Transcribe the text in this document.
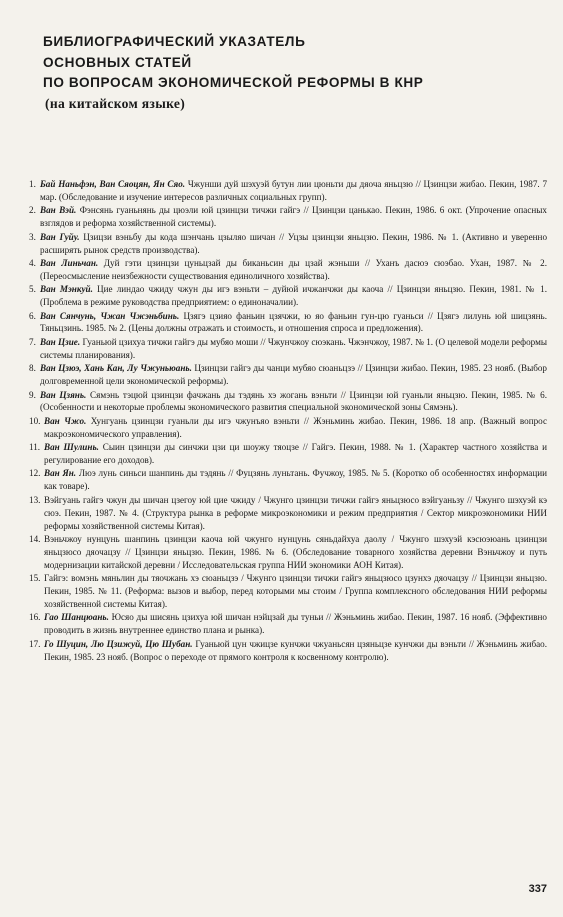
БИБЛИОГРАФИЧЕСКИЙ УКАЗАТЕЛЬ
ОСНОВНЫХ СТАТЕЙ
ПО ВОПРОСАМ ЭКОНОМИЧЕСКОЙ РЕФОРМЫ В КНР
(на китайском языке)
1. Бай Наньфэн, Ван Сяоцян, Ян Сяо. Чжунши дуй шэхуэй бутун лии цюньти ды дяоча яньцзю // Цзинцзи жибао. Пекин, 1987. 7 мар. (Обследование и изучение интересов различных социальных групп).
2. Ван Вэй. Фэнсянь гуаньнянь ды цюэли юй цзинцзи тичжи гайгэ // Цзинцзи цанькао. Пекин, 1986. 6 окт. (Упрочение опасных взглядов и реформа хозяйственной системы).
3. Ван Гуйу. Цзицзи вэньбу ды кода шэнчань цзыляо шичан // Уцзы цзинцзи яньцзю. Пекин, 1986. № 1. (Активно и уверенно расширять рынок средств производства).
4. Ван Линьчан. Дуй гэти цзинцзи цуньцзай ды биканьсин ды цзай жэньши // Уханъ дасюэ сюэбао. Ухан, 1987. № 2. (Переосмысление неизбежности существования единоличного хозяйства).
5. Ван Мэнкуй. Цие линдао чжиду чжун ды игэ вэньти – дуйюй ичжанчжи ды каоча // Цзинцзи яньцзю. Пекин, 1981. № 1. (Проблема в режиме руководства предприятием: о единоначалии).
6. Ван Сянчунь, Чжан Чжэньбинь. Цзягэ цзияо фаньин цзячжи, ю яо фаньин гун-цю гуаньси // Цзягэ лилунь юй шицзянь. Тяньцзинь. 1985. № 2. (Цены должны отражать и стоимость, и отношения спроса и предложения).
7. Ван Цзие. Гуаньюй цзихуа тичжи гайгэ ды мубяо моши // Чжунчжоу сюэкань. Чжэнчжоу, 1987. № 1. (О целевой модели реформы системы планирования).
8. Ван Цзюэ, Хань Кан, Лу Чжуньюань. Цзинцзи гайгэ ды чанци мубяо сюаньцзэ // Цзинцзи жибао. Пекин, 1985. 23 нояб. (Выбор долговременной цели экономической реформы).
9. Ван Цзянь. Сямэнь тэцюй цзинцзи фачжань ды тэдянь хэ жогань вэньти // Цзинцзи юй гуаньли яньцзю. Пекин, 1985. № 6. (Особенности и некоторые проблемы экономического развития специальной экономической зоны Сямэнь).
10. Ван Чжо. Хунгуань цзинцзи гуаньли ды игэ чжунъяо вэньти // Жэньминь жибао. Пекин, 1986. 18 апр. (Важный вопрос макроэкономического управления).
11. Ван Шулинь. Сыин цзинцзи ды синчжи цзи ци шоужу тяоцзе // Гайгэ. Пекин, 1988. № 1. (Характер частного хозяйства и регулирование его доходов).
12. Ван Ян. Люэ лунь синьси шанпинь ды тэдянь // Фуцзянь луньтань. Фучжоу, 1985. № 5. (Коротко об особенностях информации как товаре).
13. Вэйгуань гайгэ чжун ды шичан цзегоу юй цие чжиду / Чжунго цзинцзи тичжи гайгэ яньцзюсо вэйгуаньзу // Чжунго шэхуэй кэ сюэ. Пекин, 1987. № 4. (Структура рынка в реформе микроэкономики и режим предприятия / Сектор микроэкономики НИИ реформы хозяйственной системы Китая).
14. Вэньчжоу нунцунь шанпинь цзинцзи каоча юй чжунго нунцунь сяньдайхуа даолу / Чжунго шэхуэй кэсюэюань цзинцзи яньцзюсо дяочацзу // Цзинцзи яньцзю. Пекин, 1986. № 6. (Обследование товарного хозяйства деревни Вэньчжоу и путь модернизации китайской деревни / Исследовательская группа НИИ экономики АОН Китая).
15. Гайгэ: вомэнь мяньлин ды тяочжань хэ сюаньцзэ / Чжунго цзинцзи тичжи гайгэ яньцзюсо цзунхэ дяочацзу // Цзинцзи яньцзю. Пекин, 1985. № 11. (Реформа: вызов и выбор, перед которыми мы стоим / Группа комплексного обследования НИИ реформы хозяйственной системы Китая).
16. Гао Шанцюань. Юсяо ды шисянь цзихуа юй шичан нэйцзай ды туньи // Жэньминь жибао. Пекин, 1987. 16 нояб. (Эффективно проводить в жизнь внутреннее единство плана и рынка).
17. Го Шуцин, Лю Цзижуй, Цю Шубан. Гуаньюй цун чжицзе кунчжи чжуаньсян цзяньцзе кунчжи ды вэньти // Жэньминь жибао. Пекин, 1985. 23 нояб. (Вопрос о переходе от прямого контроля к косвенному контролю).
337
